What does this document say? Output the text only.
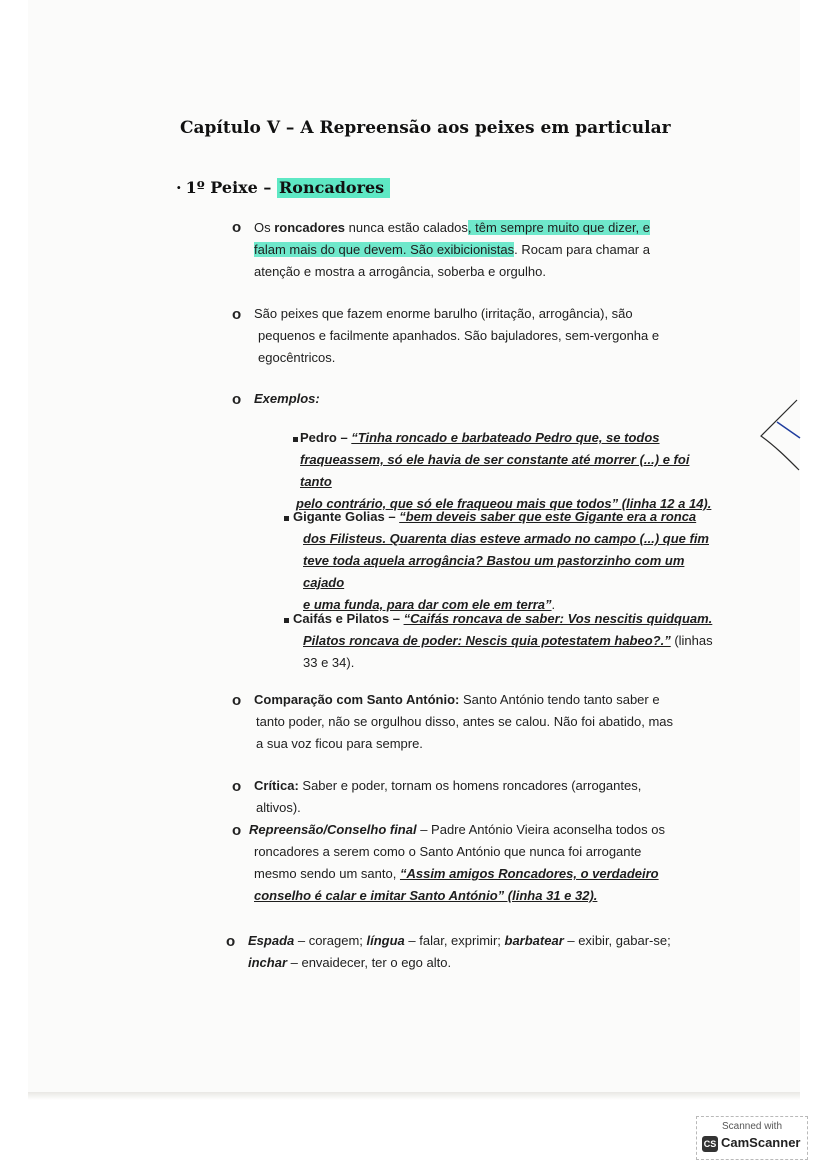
Capítulo V – A Repreensão aos peixes em particular
· 1º Peixe – Roncadores
o Os roncadores nunca estão calados, têm sempre muito que dizer, e
falam mais do que devem. São exibicionistas. Rocam para chamar a
atenção e mostra a arrogância, soberba e orgulho.
o São peixes que fazem enorme barulho (irritação, arrogância), são
pequenos e facilmente apanhados. São bajuladores, sem-vergonha e
egocêntricos.
o Exemplos:
Pedro – “Tinha roncado e barbateado Pedro que, se todos
fraqueassem, só ele havia de ser constante até morrer (...) e foi tanto
pelo contrário, que só ele fraqueou mais que todos” (linha 12 a 14).
Gigante Golias – “bem deveis saber que este Gigante era a ronca
dos Filisteus. Quarenta dias esteve armado no campo (...) que fim
teve toda aquela arrogância? Bastou um pastorzinho com um cajado
e uma funda, para dar com ele em terra”.
Caifás e Pilatos – “Caifás roncava de saber: Vos nescitis quidquam.
Pilatos roncava de poder: Nescis quia potestatem habeo?.” (linhas
33 e 34).
o Comparação com Santo António: Santo António tendo tanto saber e
tanto poder, não se orgulhou disso, antes se calou. Não foi abatido, mas
a sua voz ficou para sempre.
o Crítica: Saber e poder, tornam os homens roncadores (arrogantes,
altivos).
o Repreensão/Conselho final – Padre António Vieira aconselha todos os
roncadores a serem como o Santo António que nunca foi arrogante
mesmo sendo um santo, “Assim amigos Roncadores, o verdadeiro
conselho é calar e imitar Santo António” (linha 31 e 32).
o Espada – coragem; língua – falar, exprimir; barbatear – exibir, gabar-se;
inchar – envaidecer, ter o ego alto.
Scanned with
CS CamScanner
